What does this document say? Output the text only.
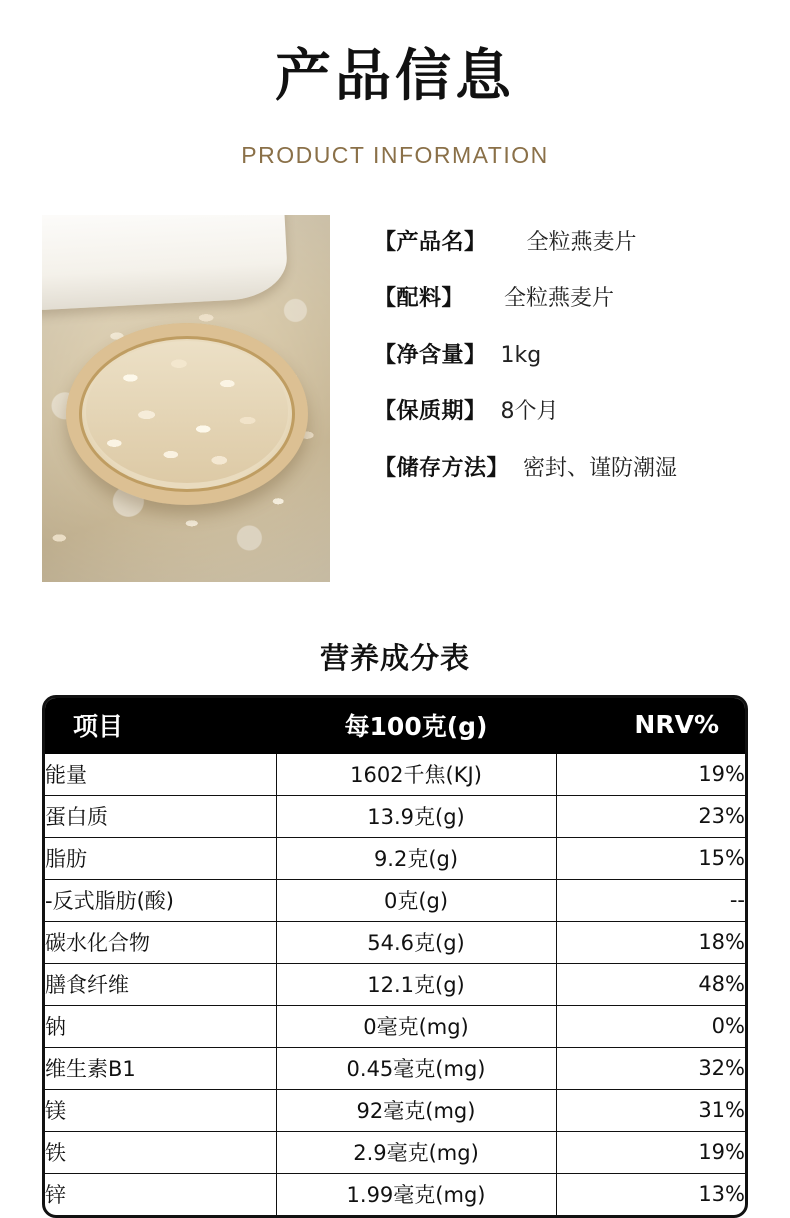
产品信息
PRODUCT INFORMATION
【产品名】 全粒燕麦片
【配料】 全粒燕麦片
【净含量】 1kg
【保质期】 8个月
【储存方法】 密封、谨防潮湿
营养成分表
项目	每100克(g)	NRV%
能量	1602千焦(KJ)	19%
蛋白质	13.9克(g)	23%
脂肪	9.2克(g)	15%
-反式脂肪(酸)	0克(g)	--
碳水化合物	54.6克(g)	18%
膳食纤维	12.1克(g)	48%
钠	0毫克(mg)	0%
维生素B1	0.45毫克(mg)	32%
镁	92毫克(mg)	31%
铁	2.9毫克(mg)	19%
锌	1.99毫克(mg)	13%
